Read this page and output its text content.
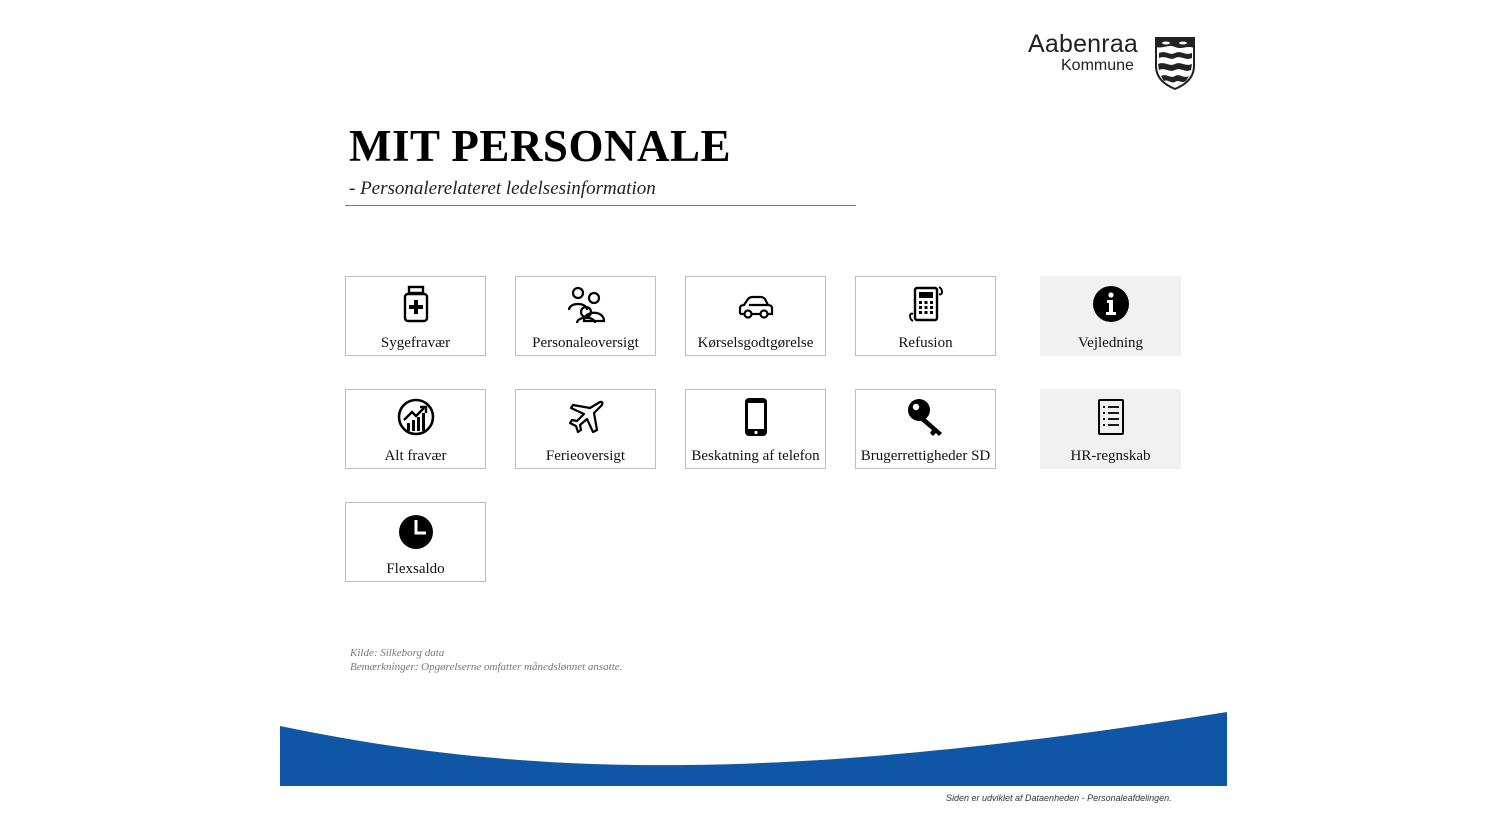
Aabenraa
Kommune
MIT PERSONALE
- Personalerelateret ledelsesinformation
Sygefravær	Personaleoversigt	Kørselsgodtgørelse	Refusion	Vejledning
Alt fravær	Ferieoversigt	Beskatning af telefon	Brugerrettigheder SD	HR-regnskab
Flexsaldo
Kilde: Silkeborg data
Bemærkninger: Opgørelserne omfatter månedslønnet ansatte.
Siden er udviklet af Dataenheden - Personaleafdelingen.
